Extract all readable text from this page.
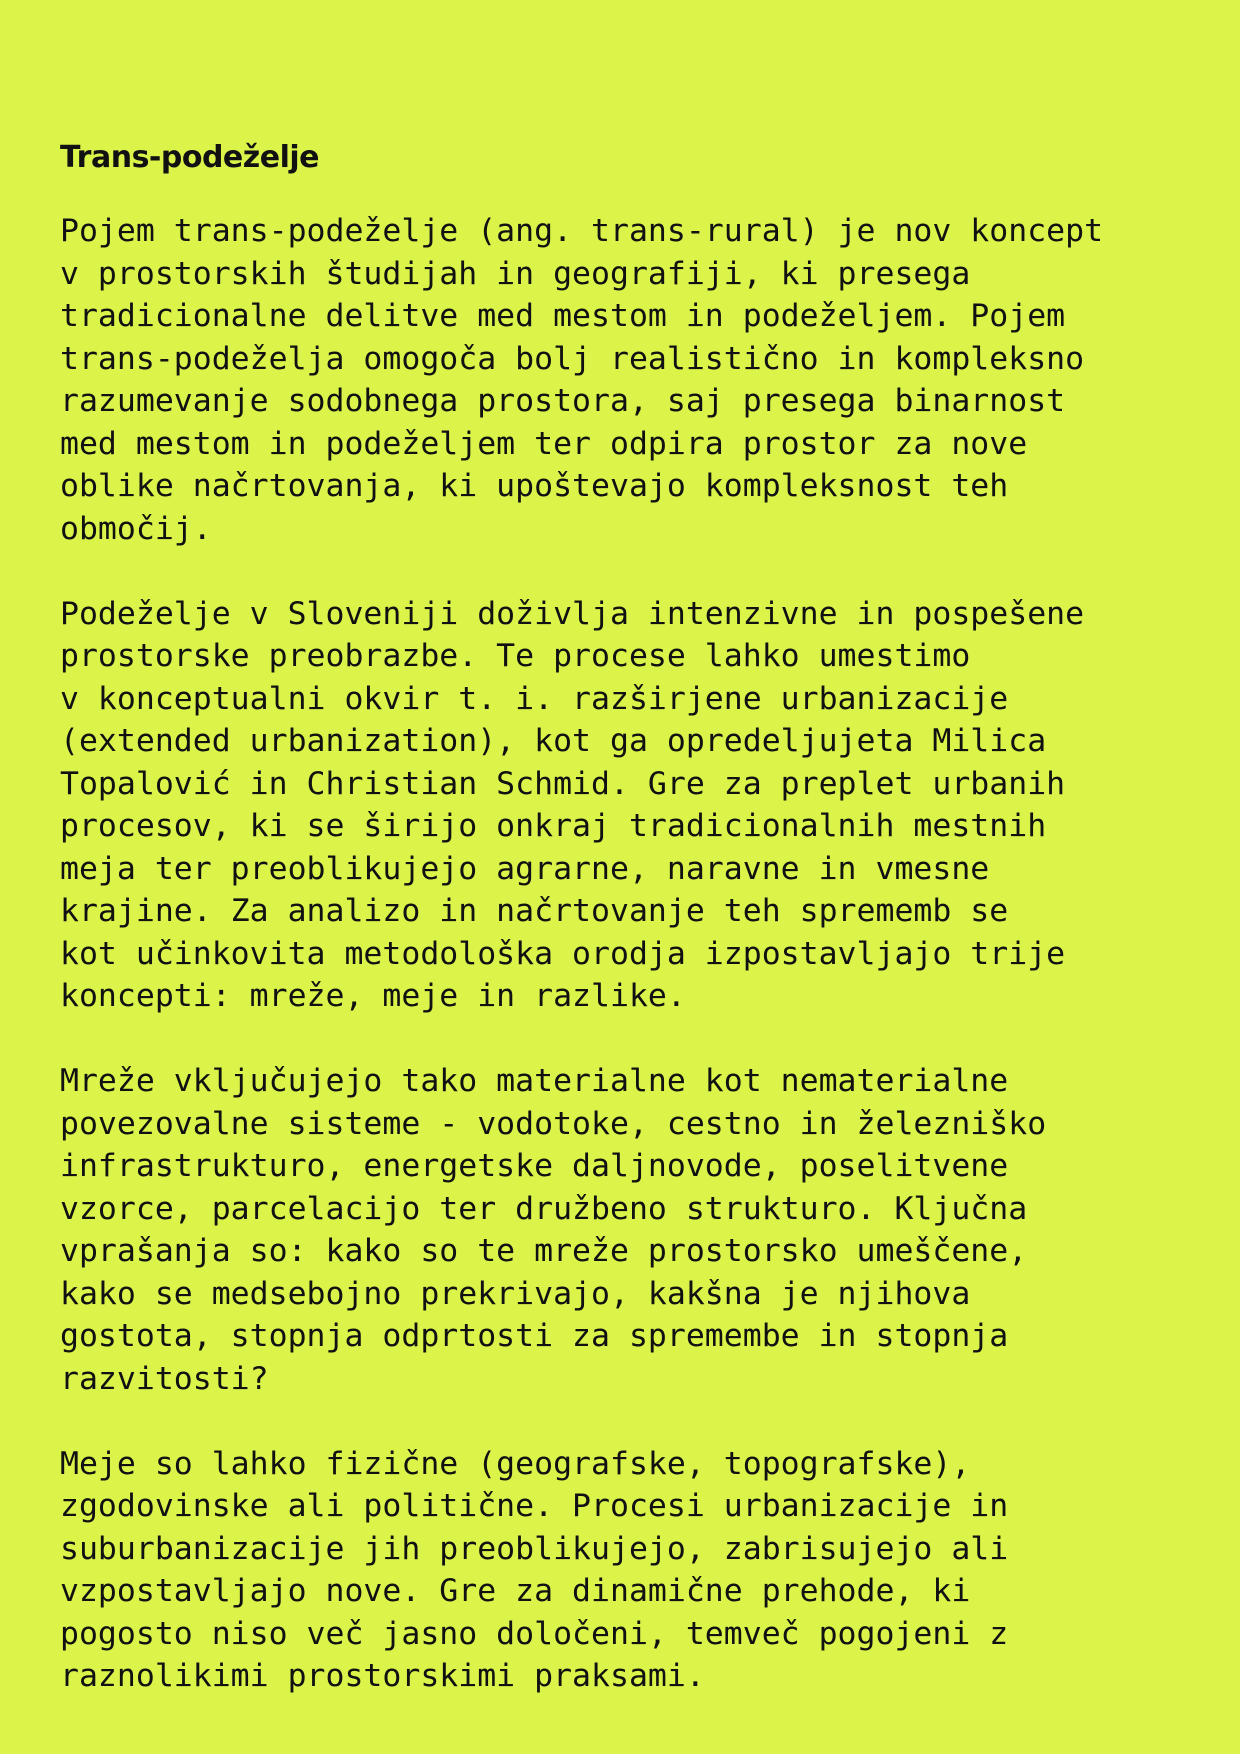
Trans-podeželje

Pojem trans-podeželje (ang. trans-rural) je nov koncept
v prostorskih študijah in geografiji, ki presega
tradicionalne delitve med mestom in podeželjem. Pojem
trans-podeželja omogoča bolj realistično in kompleksno
razumevanje sodobnega prostora, saj presega binarnost
med mestom in podeželjem ter odpira prostor za nove
oblike načrtovanja, ki upoštevajo kompleksnost teh
območij.

Podeželje v Sloveniji doživlja intenzivne in pospešene
prostorske preobrazbe. Te procese lahko umestimo
v konceptualni okvir t. i. razširjene urbanizacije
(extended urbanization), kot ga opredeljujeta Milica
Topalović in Christian Schmid. Gre za preplet urbanih
procesov, ki se širijo onkraj tradicionalnih mestnih
meja ter preoblikujejo agrarne, naravne in vmesne
krajine. Za analizo in načrtovanje teh sprememb se
kot učinkovita metodološka orodja izpostavljajo trije
koncepti: mreže, meje in razlike.

Mreže vključujejo tako materialne kot nematerialne
povezovalne sisteme - vodotoke, cestno in železniško
infrastrukturo, energetske daljnovode, poselitvene
vzorce, parcelacijo ter družbeno strukturo. Ključna
vprašanja so: kako so te mreže prostorsko umeščene,
kako se medsebojno prekrivajo, kakšna je njihova
gostota, stopnja odprtosti za spremembe in stopnja
razvitosti?

Meje so lahko fizične (geografske, topografske),
zgodovinske ali politične. Procesi urbanizacije in
suburbanizacije jih preoblikujejo, zabrisujejo ali
vzpostavljajo nove. Gre za dinamične prehode, ki
pogosto niso več jasno določeni, temveč pogojeni z
raznolikimi prostorskimi praksami.
